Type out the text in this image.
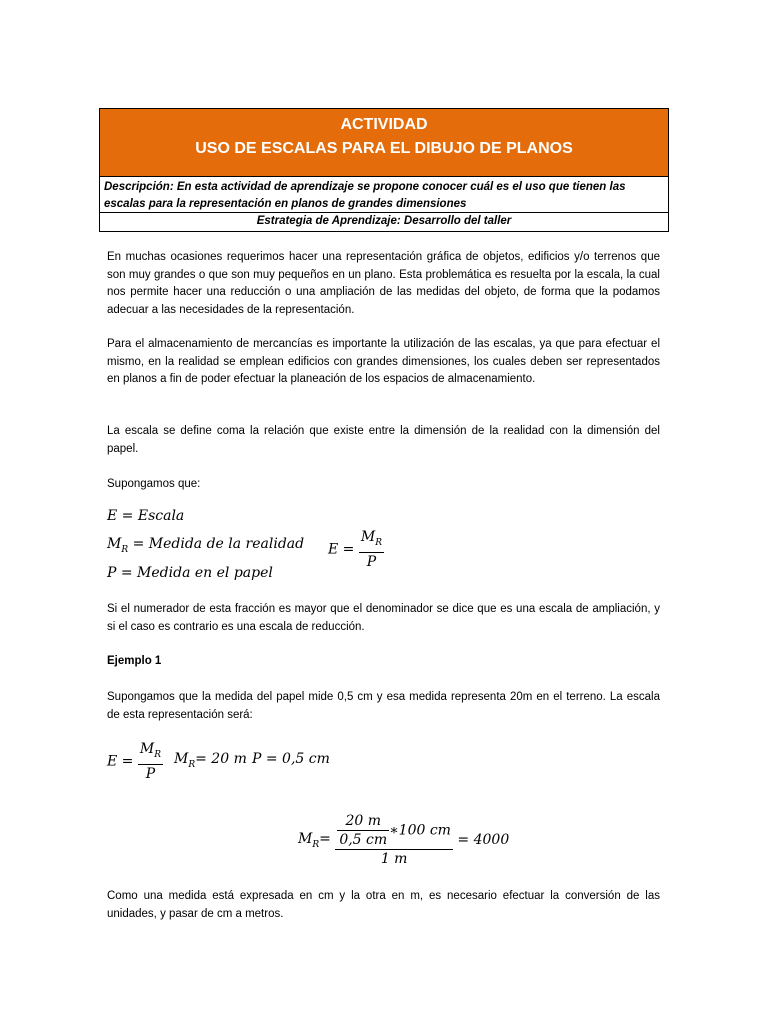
ACTIVIDAD
USO DE ESCALAS PARA EL DIBUJO DE PLANOS
Descripción: En esta actividad de aprendizaje se propone conocer cuál es el uso que tienen las escalas para la representación en planos de grandes dimensiones
Estrategia de Aprendizaje: Desarrollo del taller
En muchas ocasiones requerimos hacer una representación gráfica de objetos, edificios y/o terrenos que son muy grandes o que son muy pequeños en un plano. Esta problemática es resuelta por la escala, la cual nos permite hacer una reducción o una ampliación de las medidas del objeto, de forma que la podamos adecuar a las necesidades de la representación.
Para el almacenamiento de mercancías es importante la utilización de las escalas, ya que para efectuar el mismo, en la realidad se emplean edificios con grandes dimensiones, los cuales deben ser representados en planos a fin de poder efectuar la planeación de los espacios de almacenamiento.
La escala se define coma la relación que existe entre la dimensión de la realidad con la dimensión del papel.
Supongamos que:
E = Escala
$M_R$ = Medida de la realidad
P = Medida en el papel
$E = \frac{M_R}{P}$
Si el numerador de esta fracción es mayor que el denominador se dice que es una escala de ampliación, y si el caso es contrario es una escala de reducción.
Ejemplo 1
Supongamos que la medida del papel mide 0,5 cm y esa medida representa 20m en el terreno. La escala de esta representación será:
$E = \frac{M_R}{P} M_R= 20$ m P = 0,5 cm
$M_R= \frac{\frac{20 m}{0,5 cm} ∗100 cm}{1 m} = 4000$
Como una medida está expresada en cm y la otra en m, es necesario efectuar la conversión de las unidades, y pasar de cm a metros.
